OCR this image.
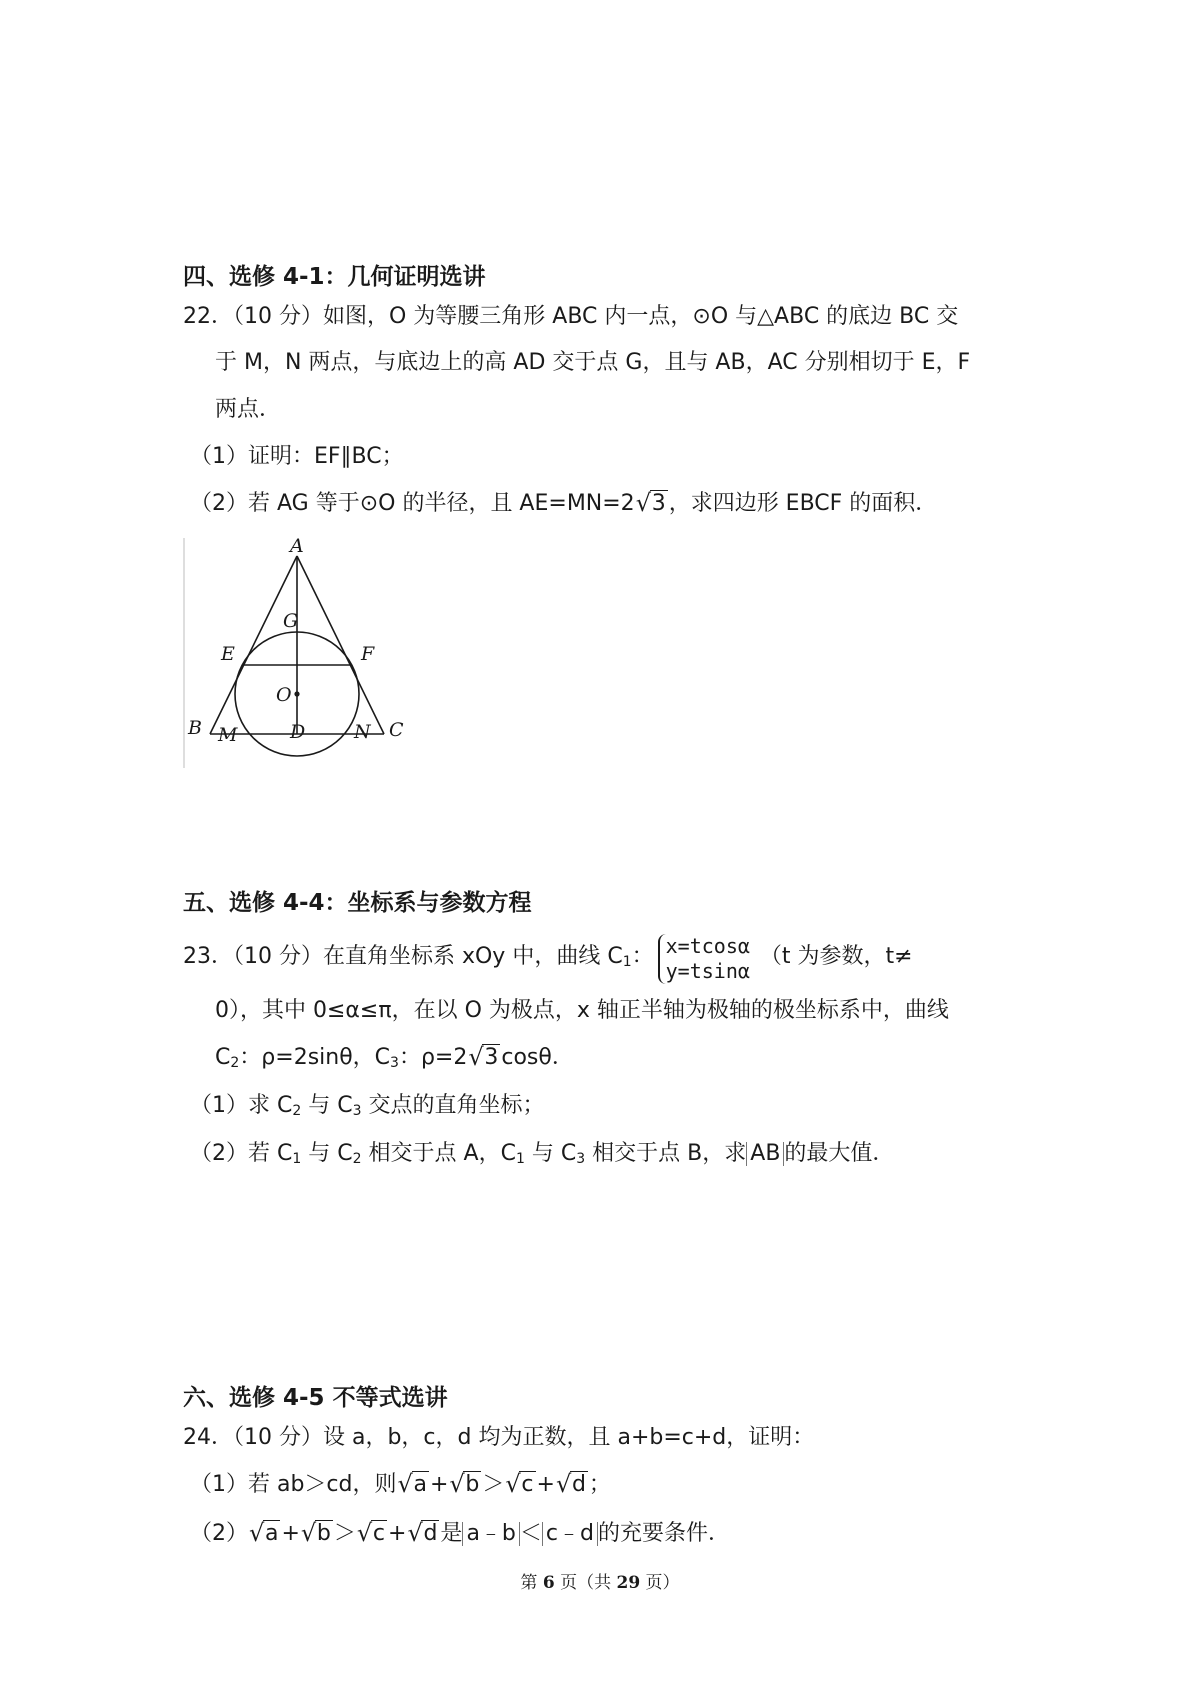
四、选修 4-1：几何证明选讲
22．（10 分）如图，O 为等腰三角形 ABC 内一点，⊙O 与△ABC 的底边 BC 交
于 M，N 两点，与底边上的高 AD 交于点 G，且与 AB，AC 分别相切于 E，F
两点．
（1）证明：EF∥BC；
（2）若 AG 等于⊙O 的半径，且 AE=MN=2 √ 3 ，求四边形 EBCF 的面积．
A
G
E	F
O
B M	D	N C
五、选修 4-4：坐标系与参数方程
23．（10 分）在直角坐标系 xOy 中，曲线 $C_1$： x=tcosα
y=tsinα
（t 为参数，t≠
0），其中 0≤α≤π，在以 O 为极点，x 轴正半轴为极轴的极坐标系中，曲线
$C_2$：ρ=2sinθ，$C_3$：ρ=2 √ 3 cosθ．
（1）求 $C_2$ 与 $C_3$ 交点的直角坐标；
（2）若 $C_1$ 与 $C_2$ 相交于点 A，$C_1$ 与 $C_3$ 相交于点 B，求 AB 的最大值．
六、选修 4-5 不等式选讲
24．（10 分）设 a，b，c，d 均为正数，且 a+b=c+d，证明：
（1）若 ab＞cd，则 √ a + √ b ＞ √ c + √ d ；
（2） √ a + √ b ＞ √ c + √ d 是 a﹣b ＜ c﹣d 的充要条件．
第 6 页（共 29 页）
